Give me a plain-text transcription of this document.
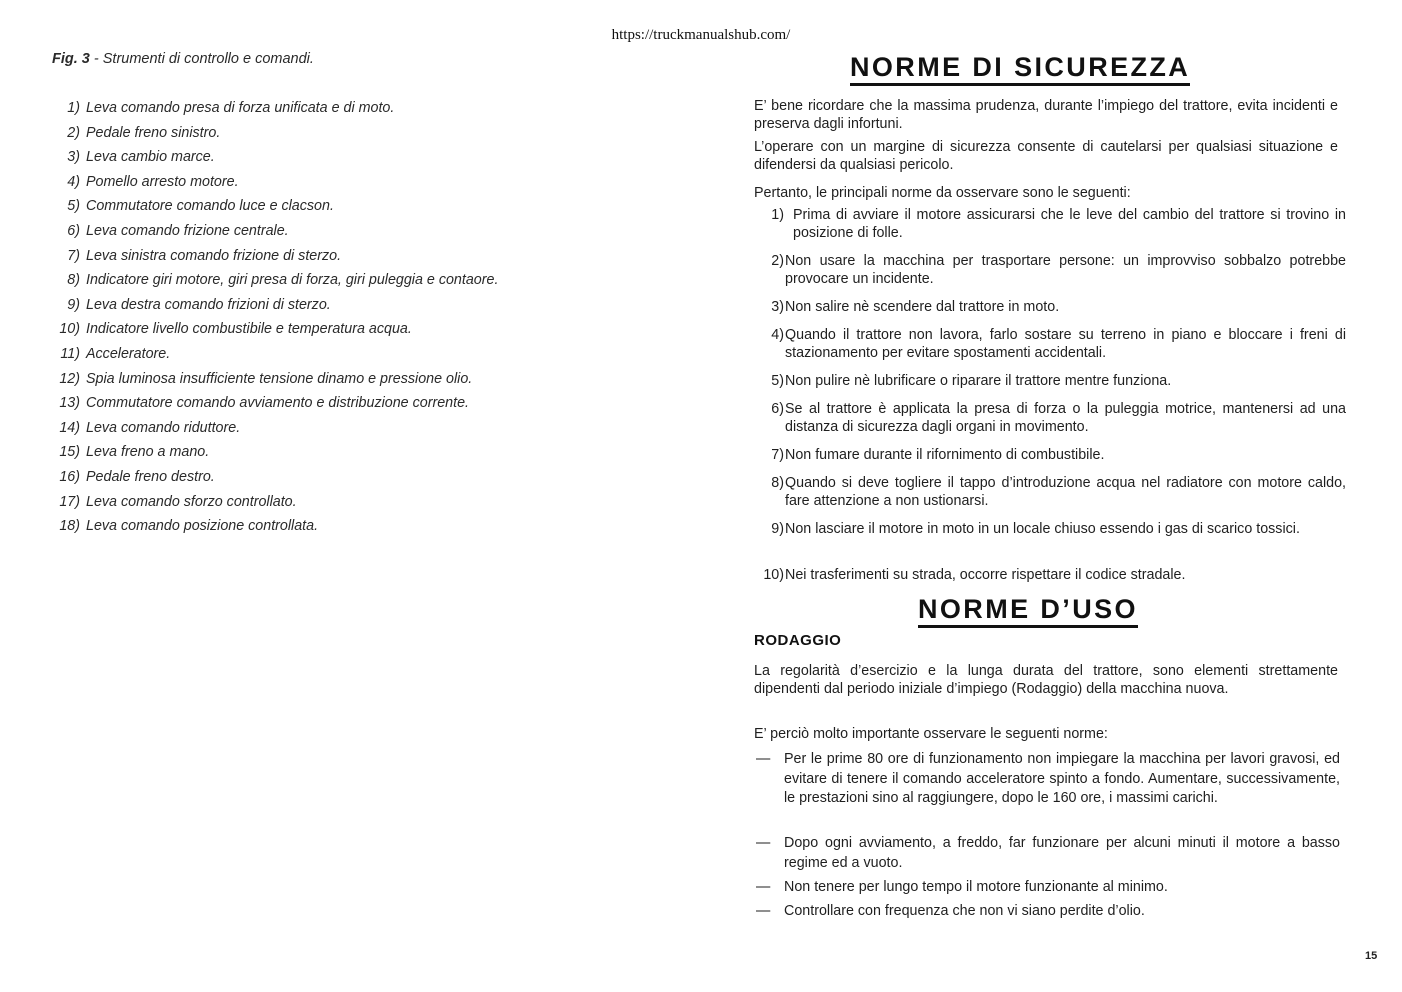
https://truckmanualshub.com/
Fig. 3 - Strumenti di controllo e comandi.
1) Leva comando presa di forza unificata e di moto.
2) Pedale freno sinistro.
3) Leva cambio marce.
4) Pomello arresto motore.
5) Commutatore comando luce e clacson.
6) Leva comando frizione centrale.
7) Leva sinistra comando frizione di sterzo.
8) Indicatore giri motore, giri presa di forza, giri puleggia e contaore.
9) Leva destra comando frizioni di sterzo.
10) Indicatore livello combustibile e temperatura acqua.
11) Acceleratore.
12) Spia luminosa insufficiente tensione dinamo e pressione olio.
13) Commutatore comando avviamento e distribuzione corrente.
14) Leva comando riduttore.
15) Leva freno a mano.
16) Pedale freno destro.
17) Leva comando sforzo controllato.
18) Leva comando posizione controllata.
NORME DI SICUREZZA
E’ bene ricordare che la massima prudenza, durante l’impiego del trattore, evita incidenti e preserva dagli infortuni.
L’operare con un margine di sicurezza consente di cautelarsi per qualsiasi situazione e difendersi da qualsiasi pericolo.
Pertanto, le principali norme da osservare sono le seguenti:
1) Prima di avviare il motore assicurarsi che le leve del cambio del trattore si trovino in posizione di folle.
2) Non usare la macchina per trasportare persone: un improvviso sobbalzo potrebbe provocare un incidente.
3) Non salire nè scendere dal trattore in moto.
4) Quando il trattore non lavora, farlo sostare su terreno in piano e bloccare i freni di stazionamento per evitare spostamenti accidentali.
5) Non pulire nè lubrificare o riparare il trattore mentre funziona.
6) Se al trattore è applicata la presa di forza o la puleggia motrice, mantenersi ad una distanza di sicurezza dagli organi in movimento.
7) Non fumare durante il rifornimento di combustibile.
8) Quando si deve togliere il tappo d’introduzione acqua nel radiatore con motore caldo, fare attenzione a non ustionarsi.
9) Non lasciare il motore in moto in un locale chiuso essendo i gas di scarico tossici.
10) Nei trasferimenti su strada, occorre rispettare il codice stradale.
NORME D’USO
RODAGGIO
La regolarità d’esercizio e la lunga durata del trattore, sono elementi strettamente dipendenti dal periodo iniziale d’impiego (Rodaggio) della macchina nuova.
E’ perciò molto importante osservare le seguenti norme:
— Per le prime 80 ore di funzionamento non impiegare la macchina per lavori gravosi, ed evitare di tenere il comando acceleratore spinto a fondo. Aumentare, successivamente, le prestazioni sino al raggiungere, dopo le 160 ore, i massimi carichi.
— Dopo ogni avviamento, a freddo, far funzionare per alcuni minuti il motore a basso regime ed a vuoto.
— Non tenere per lungo tempo il motore funzionante al minimo.
— Controllare con frequenza che non vi siano perdite d’olio.
15
